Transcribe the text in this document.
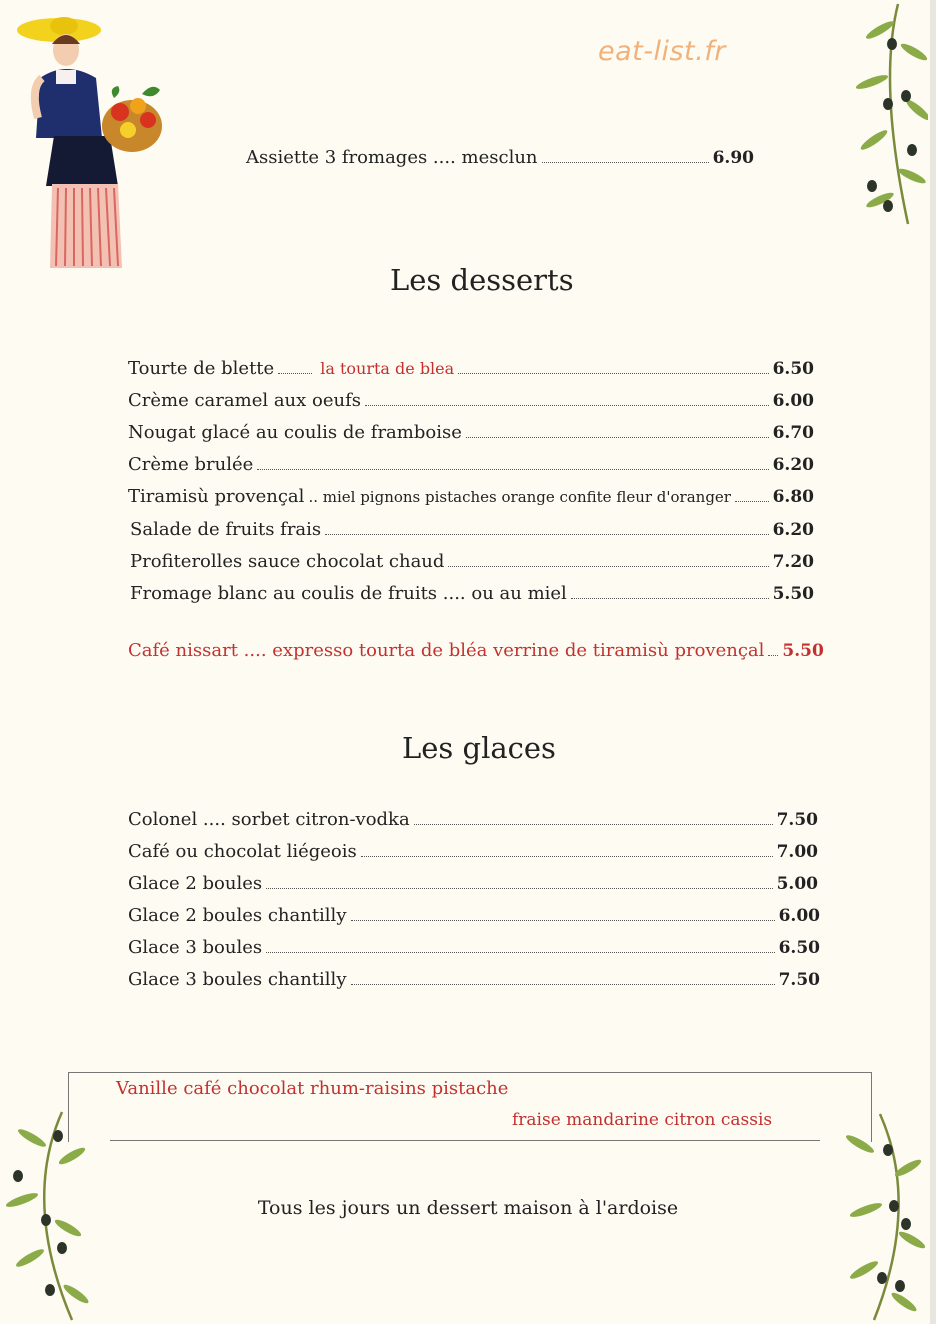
eat-list.fr
Assiette 3 fromages .... mesclun	6.90
Les desserts
Tourte de blette	la tourta de blea	6.50
Crème caramel aux oeufs	6.00
Nougat glacé au coulis de framboise	6.70
Crème brulée	6.20
Tiramisù provençal .. miel pignons pistaches orange confite fleur d'oranger 6.80
Salade de fruits frais	6.20
Profiterolles sauce chocolat chaud	7.20
Fromage blanc au coulis de fruits .... ou au miel	5.50
Café nissart .... expresso tourta de bléa verrine de tiramisù provençal 5.50
Les glaces
Colonel .... sorbet citron-vodka	7.50
Café ou chocolat liégeois	7.00
Glace 2 boules	5.00
Glace 2 boules chantilly	6.00
Glace 3 boules	6.50
Glace 3 boules chantilly	7.50
Vanille café chocolat rhum-raisins pistache
fraise mandarine citron cassis
Tous les jours un dessert maison à l'ardoise
